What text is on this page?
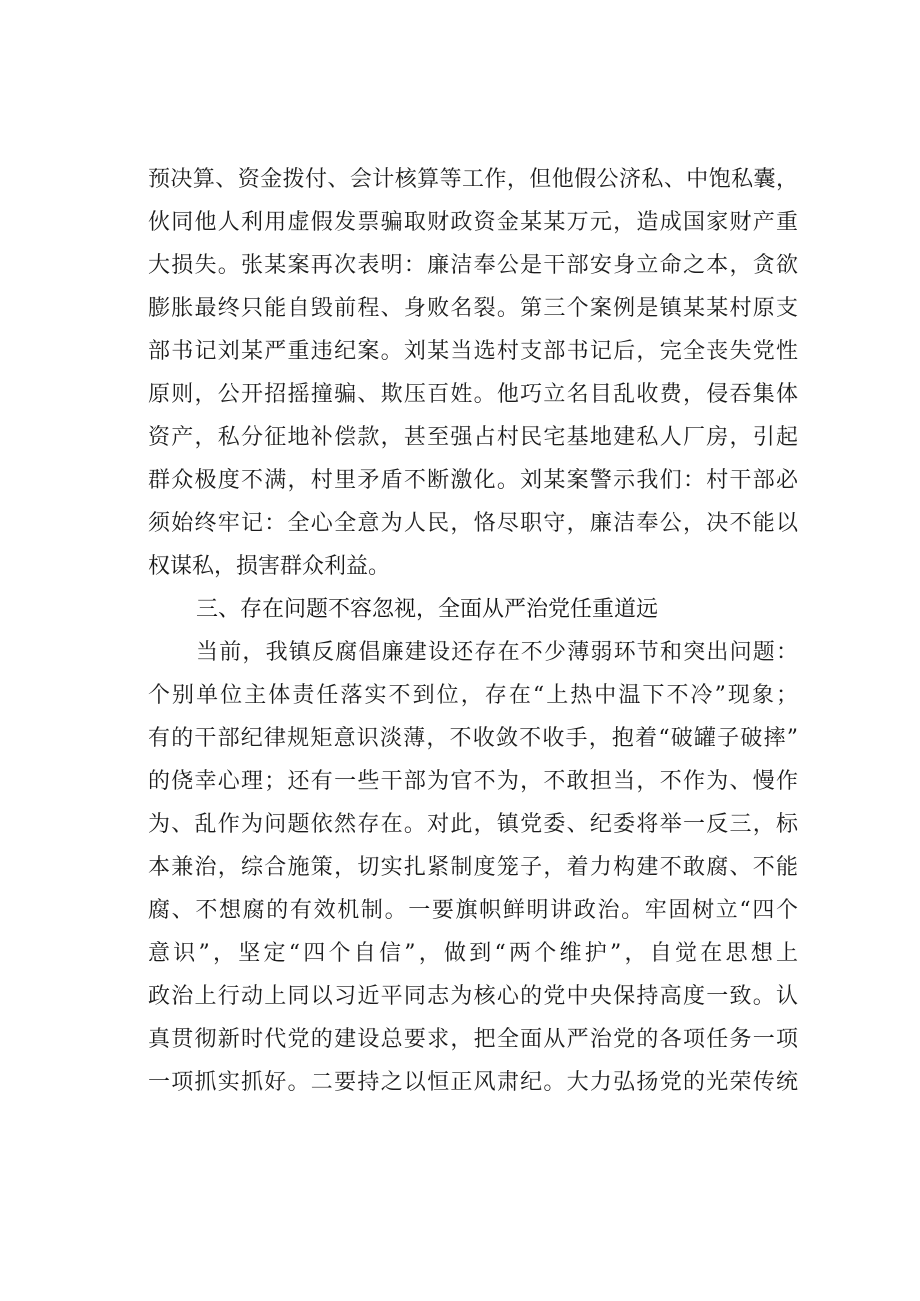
预决算、资金拨付、会计核算等工作，但他假公济私、中饱私囊，
伙同他人利用虚假发票骗取财政资金某某万元，造成国家财产重
大损失。张某案再次表明：廉洁奉公是干部安身立命之本，贪欲
膨胀最终只能自毁前程、身败名裂。第三个案例是镇某某村原支
部书记刘某严重违纪案。刘某当选村支部书记后，完全丧失党性
原则，公开招摇撞骗、欺压百姓。他巧立名目乱收费，侵吞集体
资产，私分征地补偿款，甚至强占村民宅基地建私人厂房，引起
群众极度不满，村里矛盾不断激化。刘某案警示我们：村干部必
须始终牢记：全心全意为人民，恪尽职守，廉洁奉公，决不能以
权谋私，损害群众利益。
三、存在问题不容忽视，全面从严治党任重道远
当前，我镇反腐倡廉建设还存在不少薄弱环节和突出问题：
个别单位主体责任落实不到位，存在“上热中温下不冷”现象；
有的干部纪律规矩意识淡薄，不收敛不收手，抱着“破罐子破摔”
的侥幸心理；还有一些干部为官不为，不敢担当，不作为、慢作
为、乱作为问题依然存在。对此，镇党委、纪委将举一反三，标
本兼治，综合施策，切实扎紧制度笼子，着力构建不敢腐、不能
腐、不想腐的有效机制。一要旗帜鲜明讲政治。牢固树立“四个
意识”，坚定“四个自信”，做到“两个维护”，自觉在思想上
政治上行动上同以习近平同志为核心的党中央保持高度一致。认
真贯彻新时代党的建设总要求，把全面从严治党的各项任务一项
一项抓实抓好。二要持之以恒正风肃纪。大力弘扬党的光荣传统
